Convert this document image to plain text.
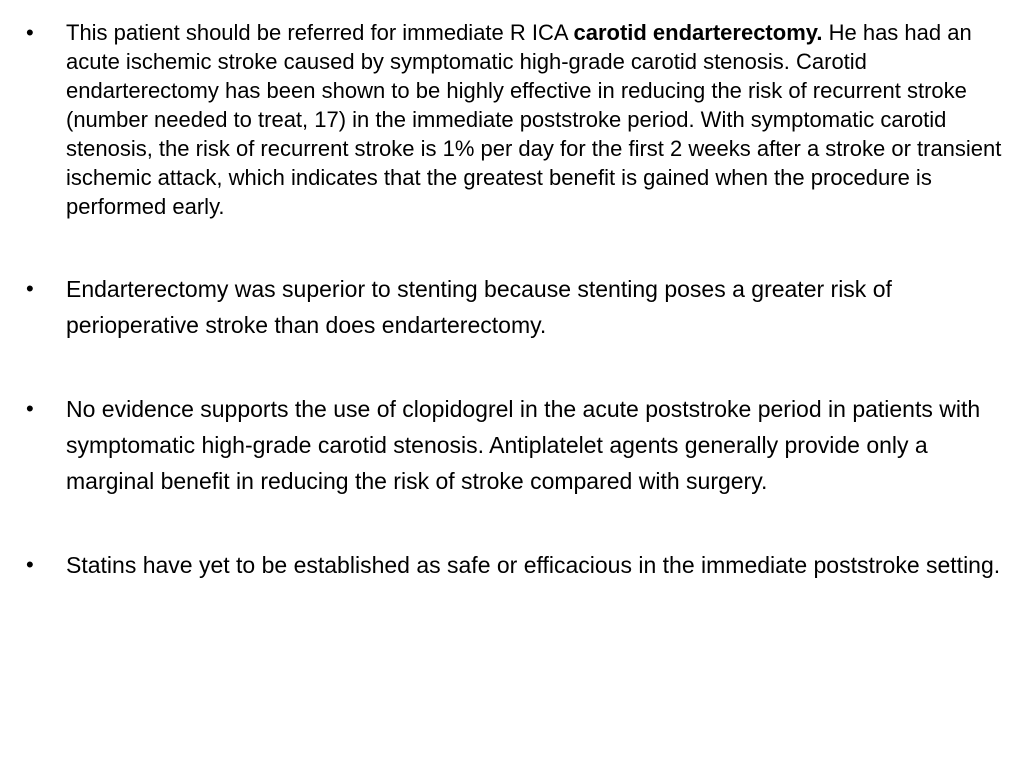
•	This patient should be referred for immediate R ICA carotid endarterectomy. He has had an acute ischemic stroke caused by symptomatic high-grade carotid stenosis. Carotid endarterectomy has been shown to be highly effective in reducing the risk of recurrent stroke (number needed to treat, 17) in the immediate poststroke period. With symptomatic carotid stenosis, the risk of recurrent stroke is 1% per day for the first 2 weeks after a stroke or transient ischemic attack, which indicates that the greatest benefit is gained when the procedure is performed early.
•	Endarterectomy was superior to stenting because stenting poses a greater risk of perioperative stroke than does endarterectomy.
•	No evidence supports the use of clopidogrel in the acute poststroke period in patients with symptomatic high-grade carotid stenosis. Antiplatelet agents generally provide only a marginal benefit in reducing the risk of stroke compared with surgery.
•	Statins have yet to be established as safe or efficacious in the immediate poststroke setting.
